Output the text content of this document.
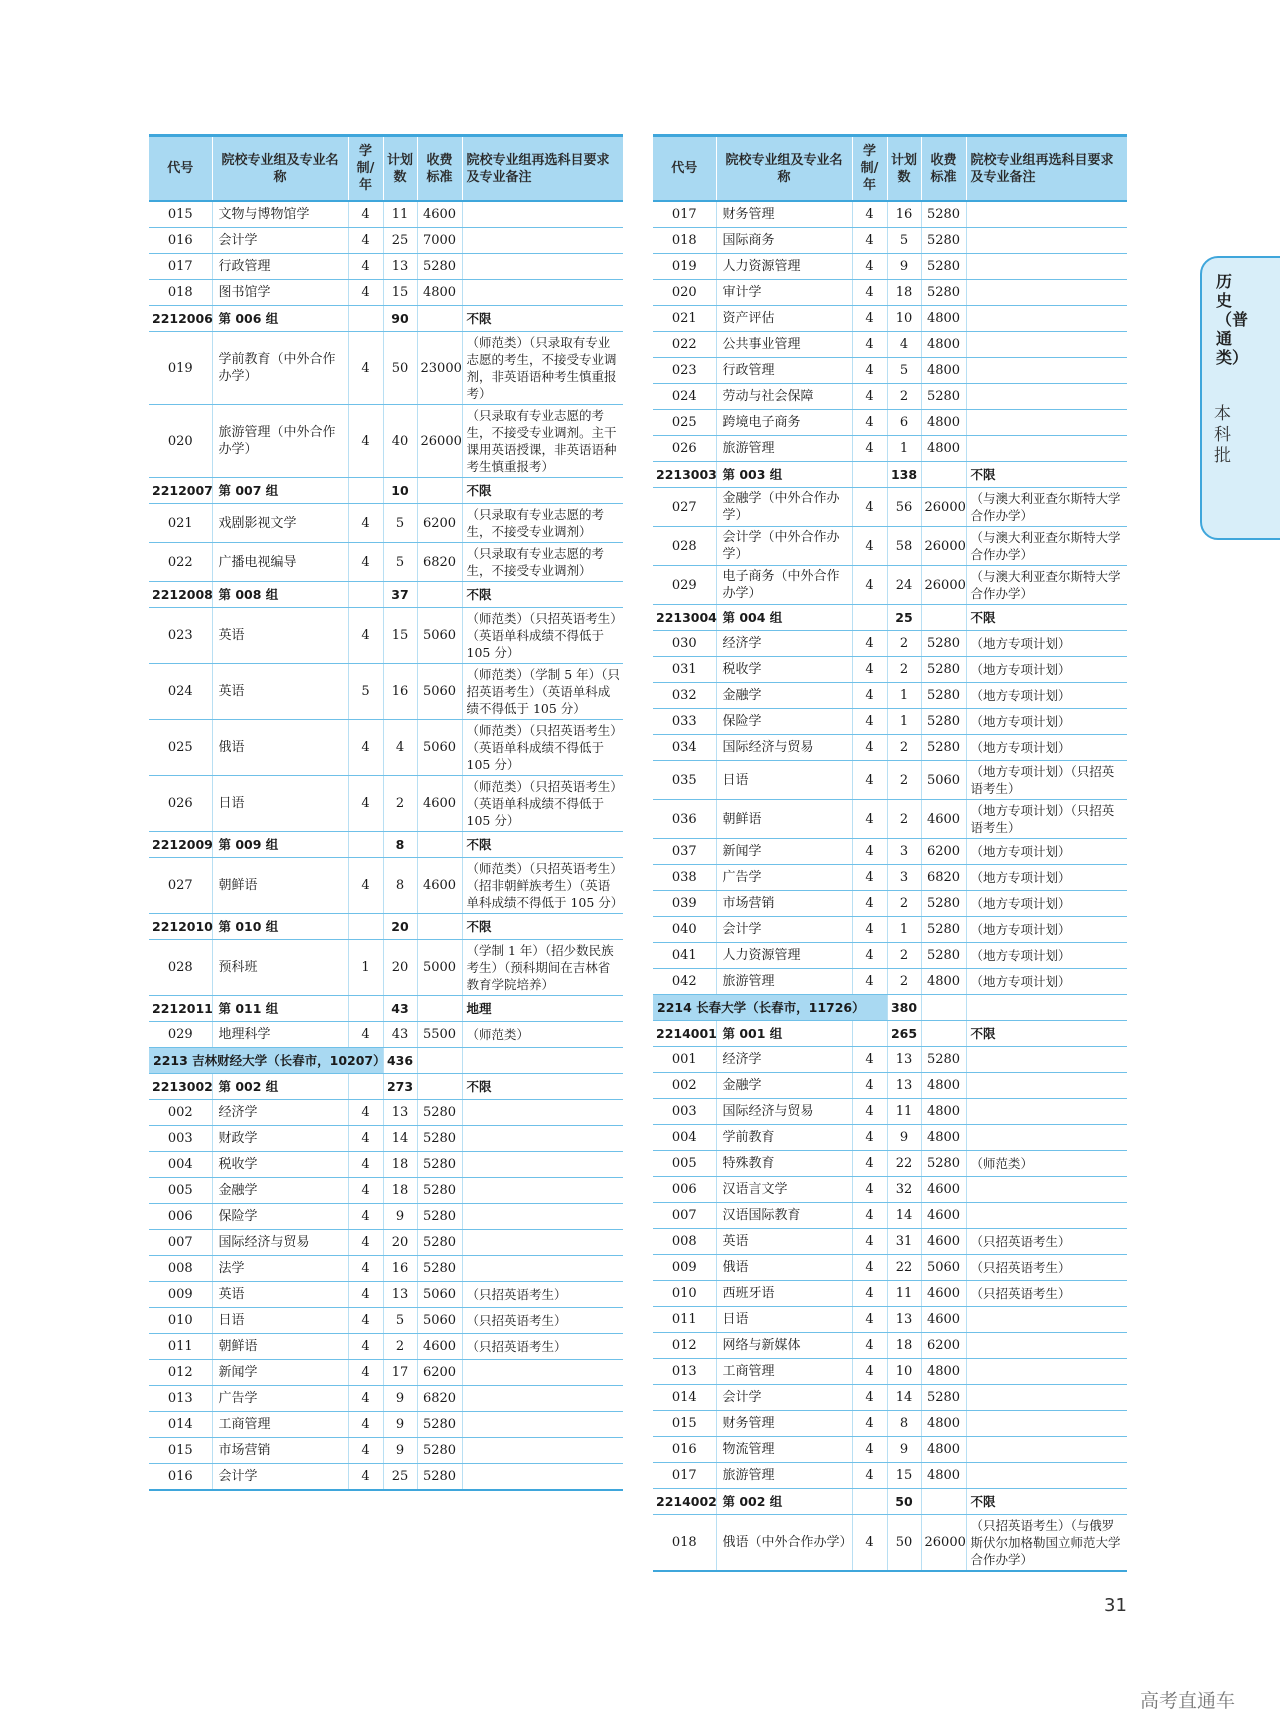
代号	院校专业组及专业名称	学制/年	计划数	收费标准	院校专业组再选科目要求及专业备注
015	文物与博物馆学	4	11	4600	
016	会计学	4	25	7000	
017	行政管理	4	13	5280	
018	图书馆学	4	15	4800	
2212006	第 006 组		90		不限
019	学前教育（中外合作办学）	4	50	23000	（师范类）（只录取有专业志愿的考生，不接受专业调剂，非英语语种考生慎重报考）
020	旅游管理（中外合作办学）	4	40	26000	（只录取有专业志愿的考生，不接受专业调剂。主干课用英语授课，非英语语种考生慎重报考）
2212007	第 007 组		10		不限
021	戏剧影视文学	4	5	6200	（只录取有专业志愿的考生，不接受专业调剂）
022	广播电视编导	4	5	6820	（只录取有专业志愿的考生，不接受专业调剂）
2212008	第 008 组		37		不限
023	英语	4	15	5060	（师范类）（只招英语考生）（英语单科成绩不得低于 105 分）
024	英语	5	16	5060	（师范类）（学制 5 年）（只招英语考生）（英语单科成绩不得低于 105 分）
025	俄语	4	4	5060	（师范类）（只招英语考生）（英语单科成绩不得低于 105 分）
026	日语	4	2	4600	（师范类）（只招英语考生）（英语单科成绩不得低于 105 分）
2212009	第 009 组		8		不限
027	朝鲜语	4	8	4600	（师范类）（只招英语考生）（招非朝鲜族考生）（英语单科成绩不得低于 105 分）
2212010	第 010 组		20		不限
028	预科班	1	20	5000	（学制 1 年）（招少数民族考生）（预科期间在吉林省教育学院培养）
2212011	第 011 组		43		地理
029	地理科学	4	43	5500	（师范类）
2213 吉林财经大学（长春市，10207）			436		
2213002	第 002 组		273		不限
002	经济学	4	13	5280	
003	财政学	4	14	5280	
004	税收学	4	18	5280	
005	金融学	4	18	5280	
006	保险学	4	9	5280	
007	国际经济与贸易	4	20	5280	
008	法学	4	16	5280	
009	英语	4	13	5060	（只招英语考生）
010	日语	4	5	5060	（只招英语考生）
011	朝鲜语	4	2	4600	（只招英语考生）
012	新闻学	4	17	6200	
013	广告学	4	9	6820	
014	工商管理	4	9	5280	
015	市场营销	4	9	5280	
016	会计学	4	25	5280	
代号	院校专业组及专业名称	学制/年	计划数	收费标准	院校专业组再选科目要求及专业备注
017	财务管理	4	16	5280	
018	国际商务	4	5	5280	
019	人力资源管理	4	9	5280	
020	审计学	4	18	5280	
021	资产评估	4	10	4800	
022	公共事业管理	4	4	4800	
023	行政管理	4	5	4800	
024	劳动与社会保障	4	2	5280	
025	跨境电子商务	4	6	4800	
026	旅游管理	4	1	4800	
2213003	第 003 组		138		不限
027	金融学（中外合作办学）	4	56	26000	（与澳大利亚查尔斯特大学合作办学）
028	会计学（中外合作办学）	4	58	26000	（与澳大利亚查尔斯特大学合作办学）
029	电子商务（中外合作办学）	4	24	26000	（与澳大利亚查尔斯特大学合作办学）
2213004	第 004 组		25		不限
030	经济学	4	2	5280	（地方专项计划）
031	税收学	4	2	5280	（地方专项计划）
032	金融学	4	1	5280	（地方专项计划）
033	保险学	4	1	5280	（地方专项计划）
034	国际经济与贸易	4	2	5280	（地方专项计划）
035	日语	4	2	5060	（地方专项计划）（只招英语考生）
036	朝鲜语	4	2	4600	（地方专项计划）（只招英语考生）
037	新闻学	4	3	6200	（地方专项计划）
038	广告学	4	3	6820	（地方专项计划）
039	市场营销	4	2	5280	（地方专项计划）
040	会计学	4	1	5280	（地方专项计划）
041	人力资源管理	4	2	5280	（地方专项计划）
042	旅游管理	4	2	4800	（地方专项计划）
2214 长春大学（长春市，11726）			380		
2214001	第 001 组		265		不限
001	经济学	4	13	5280	
002	金融学	4	13	4800	
003	国际经济与贸易	4	11	4800	
004	学前教育	4	9	4800	
005	特殊教育	4	22	5280	（师范类）
006	汉语言文学	4	32	4600	
007	汉语国际教育	4	14	4600	
008	英语	4	31	4600	（只招英语考生）
009	俄语	4	22	5060	（只招英语考生）
010	西班牙语	4	11	4600	（只招英语考生）
011	日语	4	13	4600	
012	网络与新媒体	4	18	6200	
013	工商管理	4	10	4800	
014	会计学	4	14	5280	
015	财务管理	4	8	4800	
016	物流管理	4	9	4800	
017	旅游管理	4	15	4800	
2214002	第 002 组		50		不限
018	俄语（中外合作办学）	4	50	26000	（只招英语考生）（与俄罗斯伏尔加格勒国立师范大学合作办学）
历史（普通类）
本科批
31
高考直通车
